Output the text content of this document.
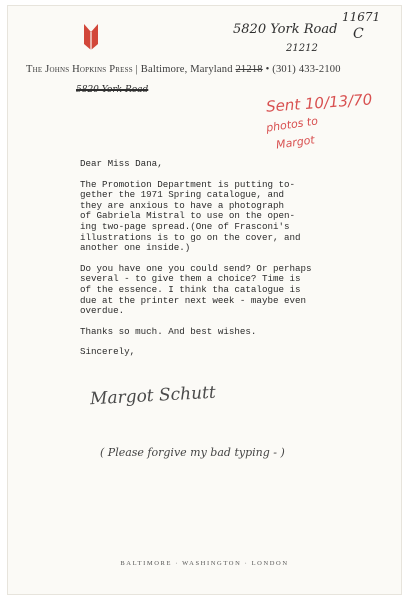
5820 York Road
21212
11671
C
The Johns Hopkins Press | Baltimore, Maryland 21218 • (301) 433-2100
5820 York Road
Sent 10/13/70
photos to
Margot

Dear Miss Dana,

The Promotion Department is putting to-

gether the 1971 Spring catalogue, and

they are anxious to have a photograph

of Gabriela Mistral to use on the open-

ing two-page spread.(One of Frasconi's

illustrations is to go on the cover, and

another one inside.)

Do you have one you could send? Or perhaps

several - to give them a choice? Time is

of the essence. I think tha catalogue is

due at the printer next week - maybe even

overdue.

Thanks so much. And best wishes.

Sincerely,

Margot Schutt
( Please forgive my bad typing - )
BALTIMORE · WASHINGTON · LONDON
